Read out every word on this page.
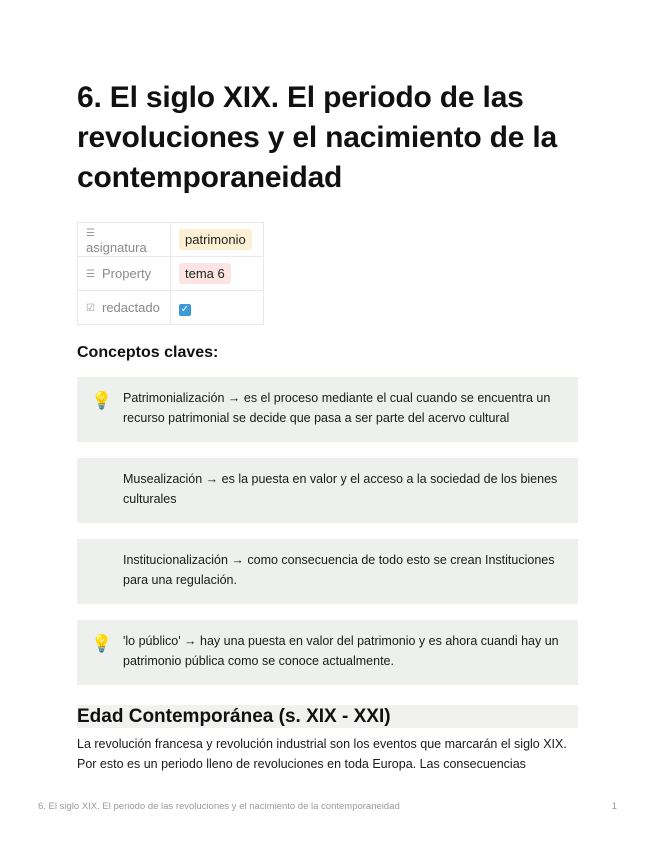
6. El siglo XIX. El periodo de las revoluciones y el nacimiento de la contemporaneidad
☰asignatura	patrimonio
☰ Property	tema 6
☑ redactado	✓
Conceptos claves:
💡 Patrimonialización → es el proceso mediante el cual cuando se encuentra un recurso patrimonial se decide que pasa a ser parte del acervo cultural
Musealización → es la puesta en valor y el acceso a la sociedad de los bienes culturales
Institucionalización → como consecuencia de todo esto se crean Instituciones para una regulación.
💡 'lo público' → hay una puesta en valor del patrimonio y es ahora cuandi hay un patrimonio pública como se conoce actualmente.
Edad Contemporánea (s. XIX - XXI)

La revolución francesa y revolución industrial son los eventos que marcarán el siglo XIX. Por esto es un periodo lleno de revoluciones en toda Europa. Las consecuencias

6. El siglo XIX. El periodo de las revoluciones y el nacimiento de la contemporaneidad	1
